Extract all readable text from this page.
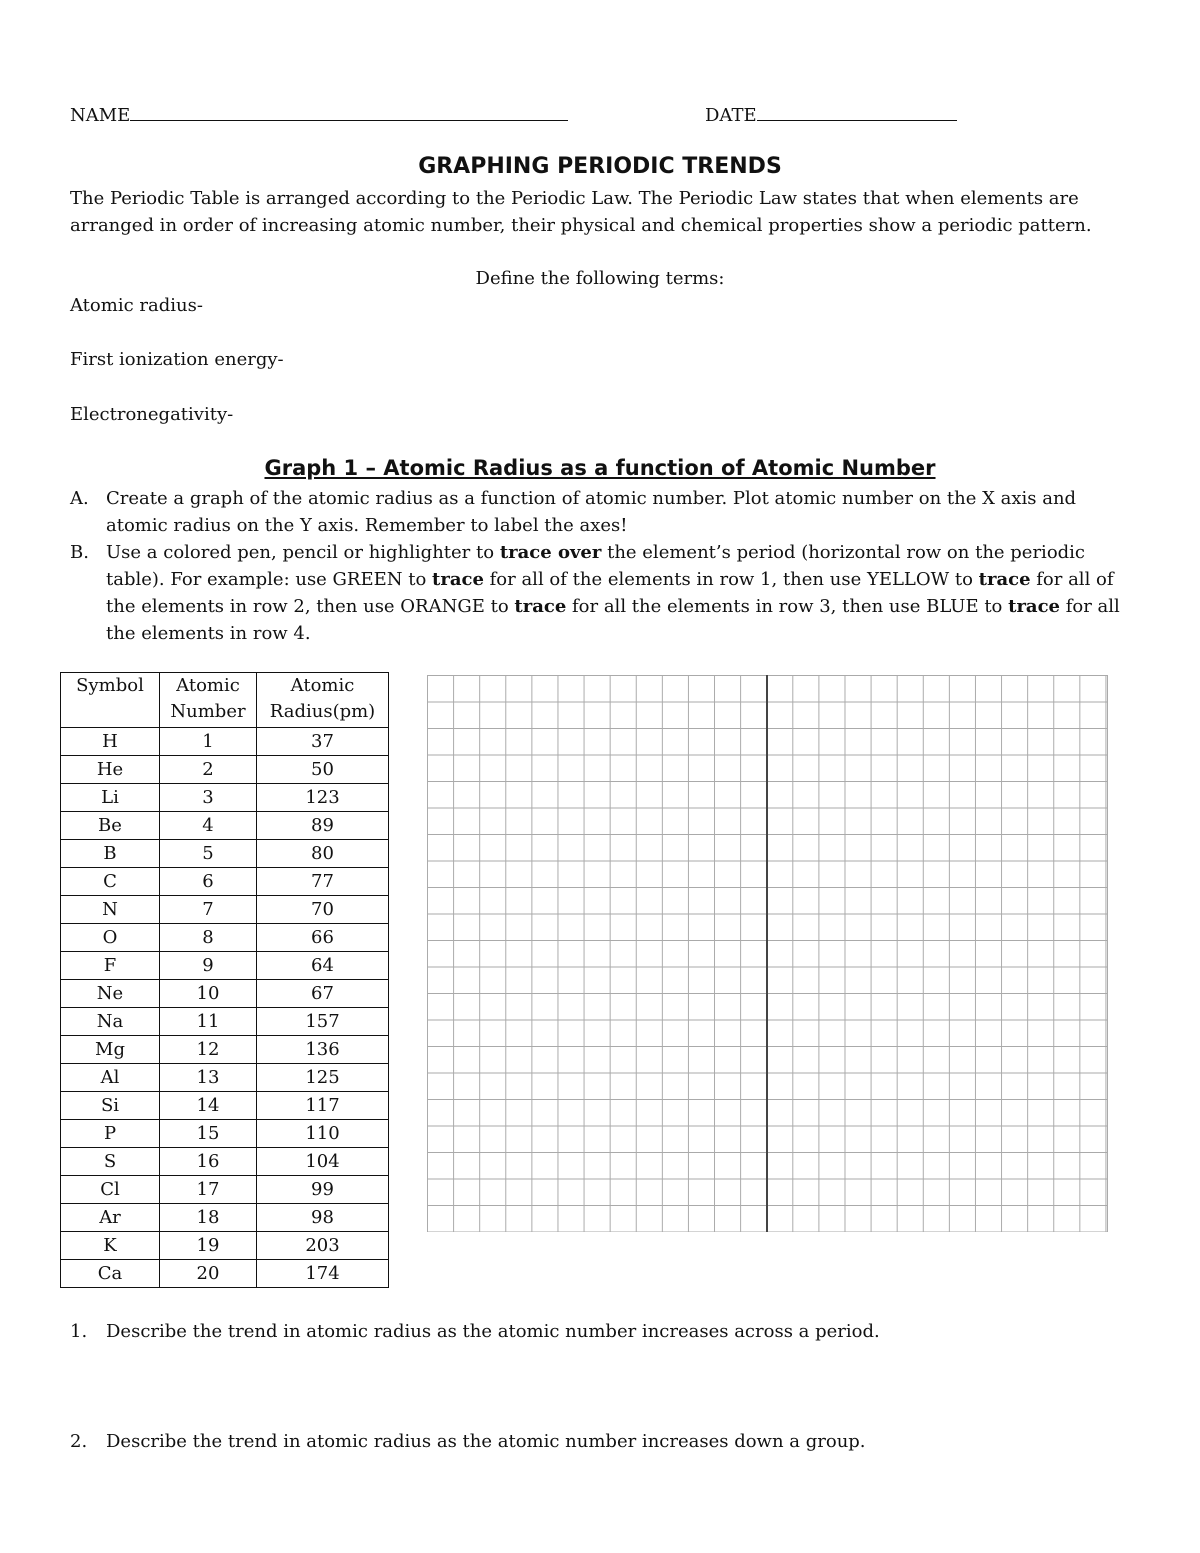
NAME	DATE
GRAPHING PERIODIC TRENDS

The Periodic Table is arranged according to the Periodic Law. The Periodic Law states that when elements are arranged in order of increasing atomic number, their physical and chemical properties show a periodic pattern.

Define the following terms:

Atomic radius-

First ionization energy-

Electronegativity-

Graph 1 – Atomic Radius as a function of Atomic Number
A. Create a graph of the atomic radius as a function of atomic number. Plot atomic number on the X axis and atomic radius on the Y axis. Remember to label the axes!
B. Use a colored pen, pencil or highlighter to trace over the element’s period (horizontal row on the periodic table). For example: use GREEN to trace for all of the elements in row 1, then use YELLOW to trace for all of the elements in row 2, then use ORANGE to trace for all the elements in row 3, then use BLUE to trace for all the elements in row 4.
Symbol	Atomic Number	Atomic Radius(pm)
H	1	37
He	2	50
Li	3	123
Be	4	89
B	5	80
C	6	77
N	7	70
O	8	66
F	9	64
Ne	10	67
Na	11	157
Mg	12	136
Al	13	125
Si	14	117
P	15	110
S	16	104
Cl	17	99
Ar	18	98
K	19	203
Ca	20	174
1. Describe the trend in atomic radius as the atomic number increases across a period.
2. Describe the trend in atomic radius as the atomic number increases down a group.
